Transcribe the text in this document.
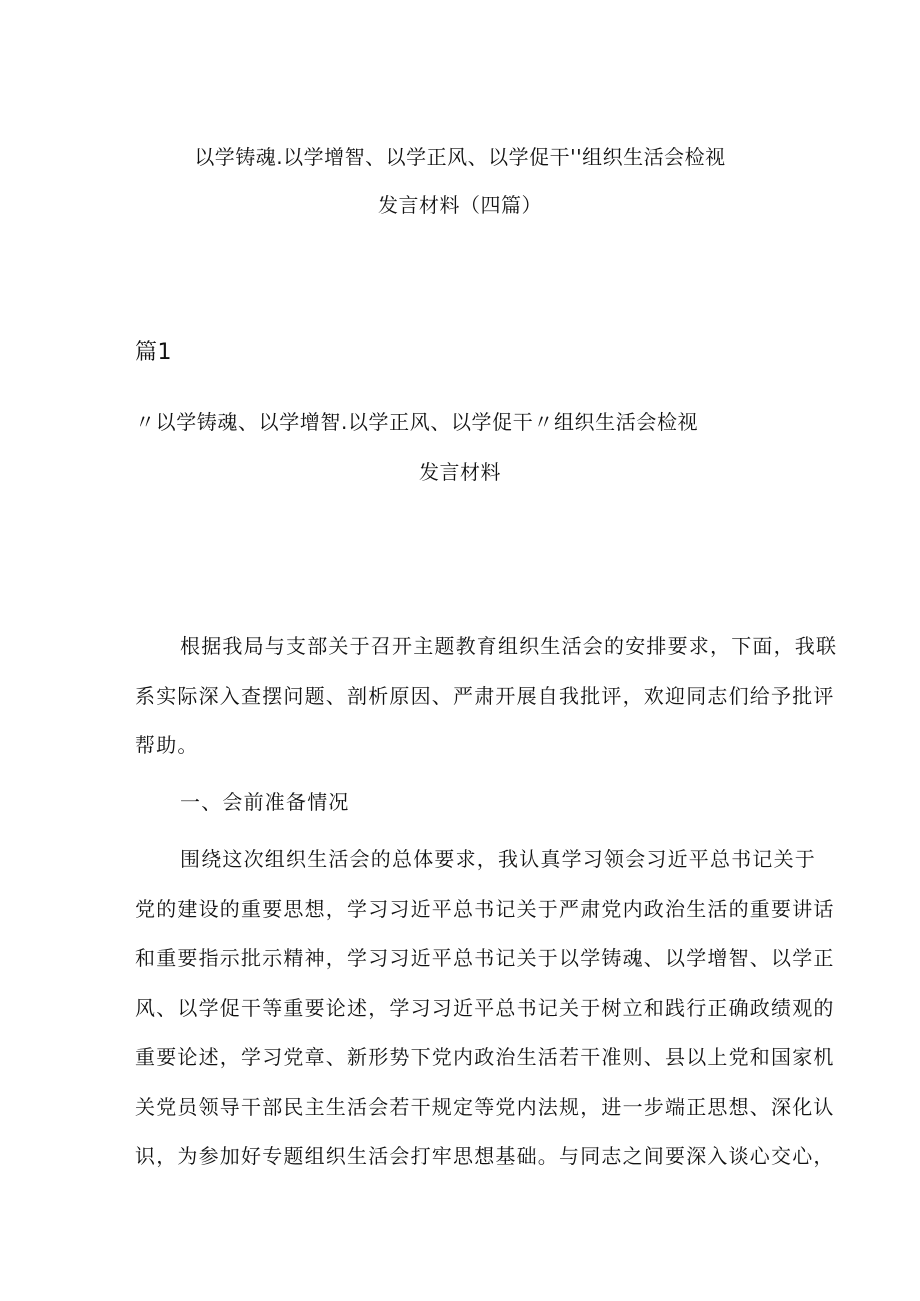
以学铸魂.以学增智、以学正风、以学促干''组织生活会检视
发言材料（四篇）
篇1
〃以学铸魂、以学增智.以学正风、以学促干〃组织生活会检视
发言材料
根据我局与支部关于召开主题教育组织生活会的安排要求，下面，我联
系实际深入查摆问题、剖析原因、严肃开展自我批评，欢迎同志们给予批评
帮助。
一、会前准备情况
围绕这次组织生活会的总体要求，我认真学习领会习近平总书记关于
党的建设的重要思想，学习习近平总书记关于严肃党内政治生活的重要讲话
和重要指示批示精神，学习习近平总书记关于以学铸魂、以学增智、以学正
风、以学促干等重要论述，学习习近平总书记关于树立和践行正确政绩观的
重要论述，学习党章、新形势下党内政治生活若干准则、县以上党和国家机
关党员领导干部民主生活会若干规定等党内法规，进一步端正思想、深化认
识，为参加好专题组织生活会打牢思想基础。与同志之间要深入谈心交心，
